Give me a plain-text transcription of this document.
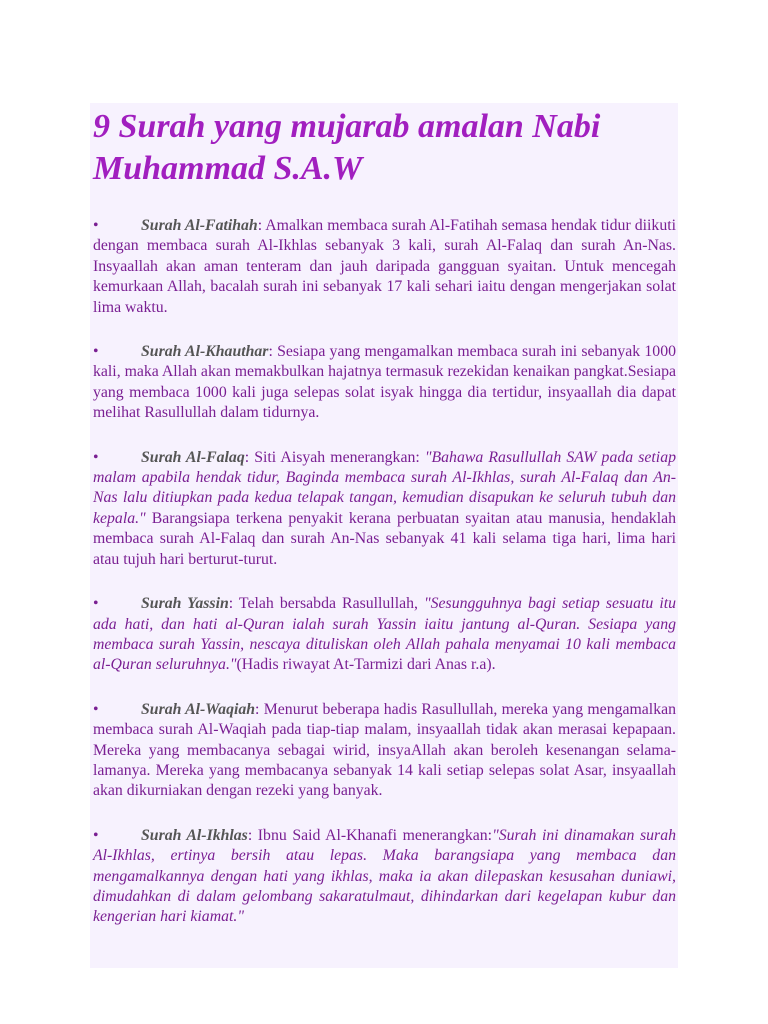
9 Surah yang mujarab amalan Nabi Muhammad S.A.W

•	Surah Al-Fatihah: Amalkan membaca surah Al-Fatihah semasa hendak tidur diikuti dengan membaca surah Al-Ikhlas sebanyak 3 kali, surah Al-Falaq dan surah An-Nas. Insyaallah akan aman tenteram dan jauh daripada gangguan syaitan. Untuk mencegah kemurkaan Allah, bacalah surah ini sebanyak 17 kali sehari iaitu dengan mengerjakan solat lima waktu.

•	Surah Al-Khauthar: Sesiapa yang mengamalkan membaca surah ini sebanyak 1000 kali, maka Allah akan memakbulkan hajatnya termasuk rezekidan kenaikan pangkat.Sesiapa yang membaca 1000 kali juga selepas solat isyak hingga dia tertidur, insyaallah dia dapat melihat Rasullullah dalam tidurnya.

•	Surah Al-Falaq: Siti Aisyah menerangkan: "Bahawa Rasullullah SAW pada setiap malam apabila hendak tidur, Baginda membaca surah Al-Ikhlas, surah Al-Falaq dan An-Nas lalu ditiupkan pada kedua telapak tangan, kemudian disapukan ke seluruh tubuh dan kepala." Barangsiapa terkena penyakit kerana perbuatan syaitan atau manusia, hendaklah membaca surah Al-Falaq dan surah An-Nas sebanyak 41 kali selama tiga hari, lima hari atau tujuh hari berturut-turut.

•	Surah Yassin: Telah bersabda Rasullullah, "Sesungguhnya bagi setiap sesuatu itu ada hati, dan hati al-Quran ialah surah Yassin iaitu jantung al-Quran. Sesiapa yang membaca surah Yassin, nescaya dituliskan oleh Allah pahala menyamai 10 kali membaca al-Quran seluruhnya."(Hadis riwayat At-Tarmizi dari Anas r.a).

•	Surah Al-Waqiah: Menurut beberapa hadis Rasullullah, mereka yang mengamalkan membaca surah Al-Waqiah pada tiap-tiap malam, insyaallah tidak akan merasai kepapaan. Mereka yang membacanya sebagai wirid, insyaAllah akan beroleh kesenangan selama-lamanya. Mereka yang membacanya sebanyak 14 kali setiap selepas solat Asar, insyaallah akan dikurniakan dengan rezeki yang banyak.

•	Surah Al-Ikhlas: Ibnu Said Al-Khanafi menerangkan:"Surah ini dinamakan surah Al-Ikhlas, ertinya bersih atau lepas. Maka barangsiapa yang membaca dan mengamalkannya dengan hati yang ikhlas, maka ia akan dilepaskan kesusahan duniawi, dimudahkan di dalam gelombang sakaratulmaut, dihindarkan dari kegelapan kubur dan kengerian hari kiamat."
